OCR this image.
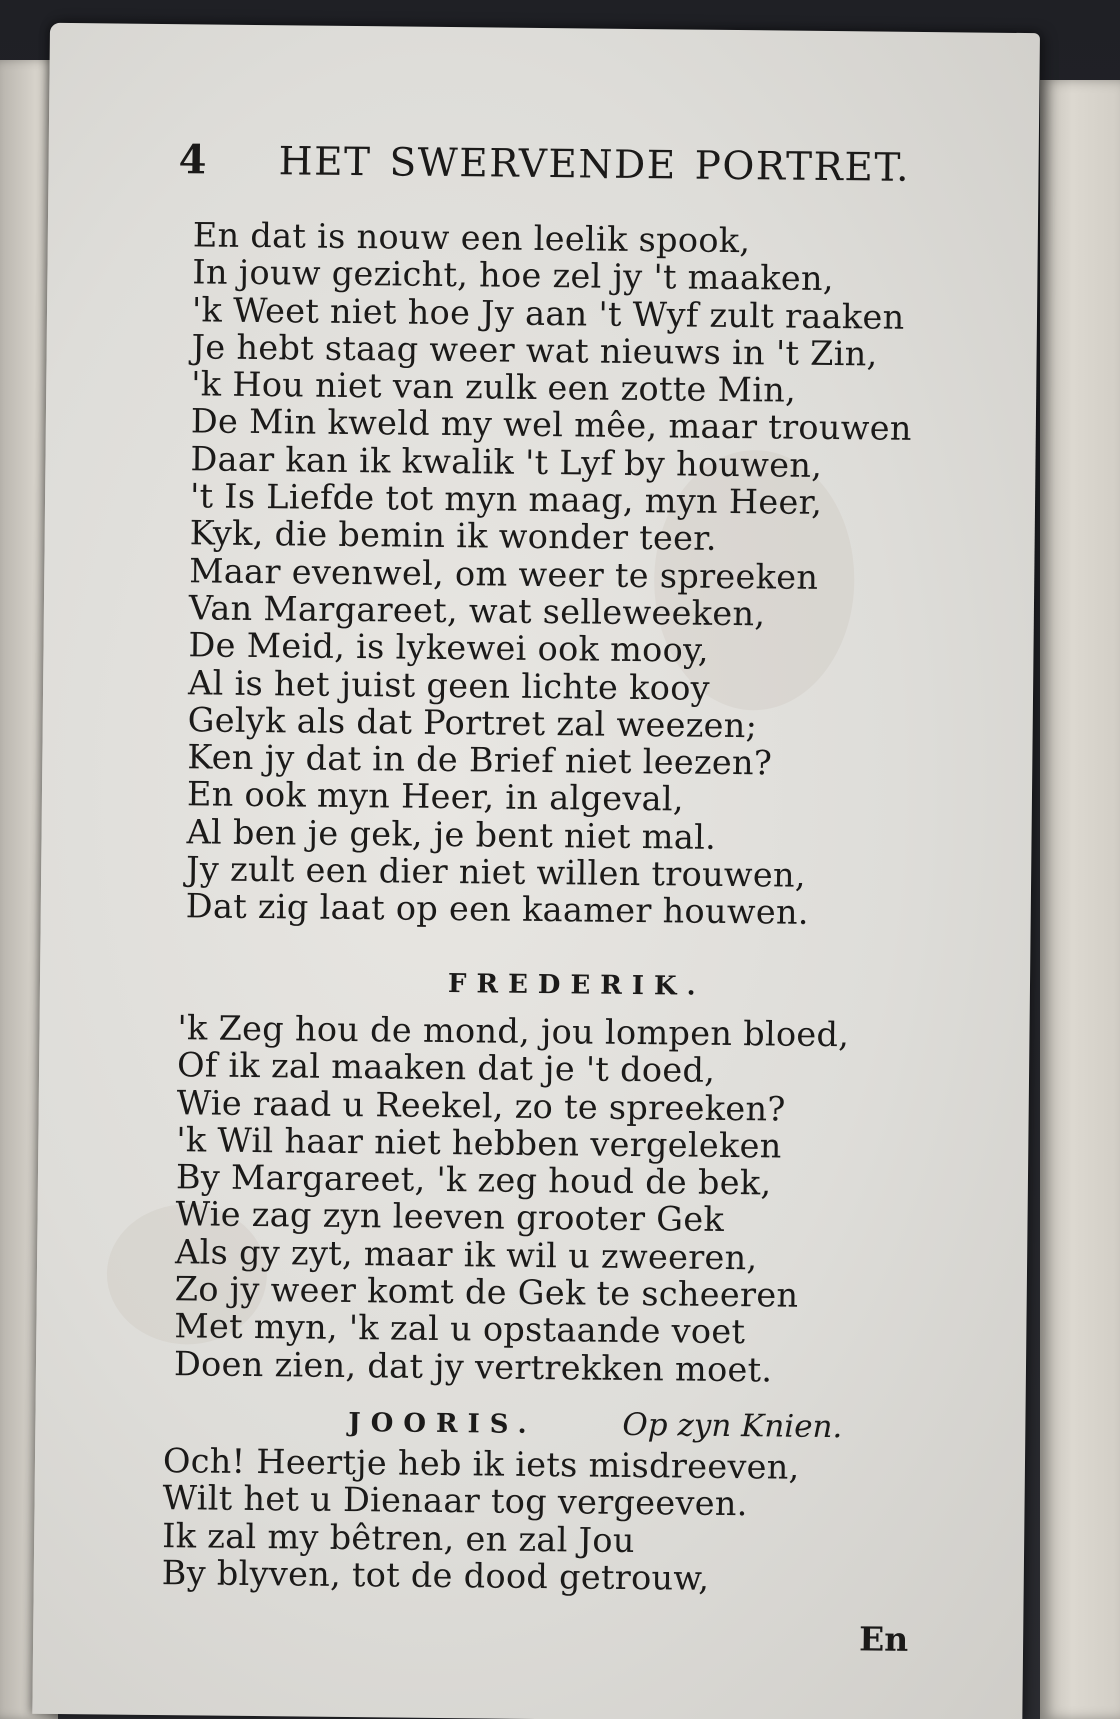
4 HET SWERVENDE PORTRET.
En dat is nouw een leelik spook,
In jouw gezicht, hoe zel jy 't maaken,
'k Weet niet hoe Jy aan 't Wyf zult raaken
Je hebt staag weer wat nieuws in 't Zin,
'k Hou niet van zulk een zotte Min,
De Min kweld my wel mêe, maar trouwen
Daar kan ik kwalik 't Lyf by houwen,
't Is Liefde tot myn maag, myn Heer,
Kyk, die bemin ik wonder teer.
Maar evenwel, om weer te spreeken
Van Margareet, wat selleweeken,
De Meid, is lykewei ook mooy,
Al is het juist geen lichte kooy
Gelyk als dat Portret zal weezen;
Ken jy dat in de Brief niet leezen?
En ook myn Heer, in algeval,
Al ben je gek, je bent niet mal.
Jy zult een dier niet willen trouwen,
Dat zig laat op een kaamer houwen.
FREDERIK.
'k Zeg hou de mond, jou lompen bloed,
Of ik zal maaken dat je 't doed,
Wie raad u Reekel, zo te spreeken?
'k Wil haar niet hebben vergeleken
By Margareet, 'k zeg houd de bek,
Wie zag zyn leeven grooter Gek
Als gy zyt, maar ik wil u zweeren,
Zo jy weer komt de Gek te scheeren
Met myn, 'k zal u opstaande voet
Doen zien, dat jy vertrekken moet.
JOORIS.	Op zyn Knien.
Och! Heertje heb ik iets misdreeven,
Wilt het u Dienaar tog vergeeven.
Ik zal my bêtren, en zal Jou
By blyven, tot de dood getrouw,
En
